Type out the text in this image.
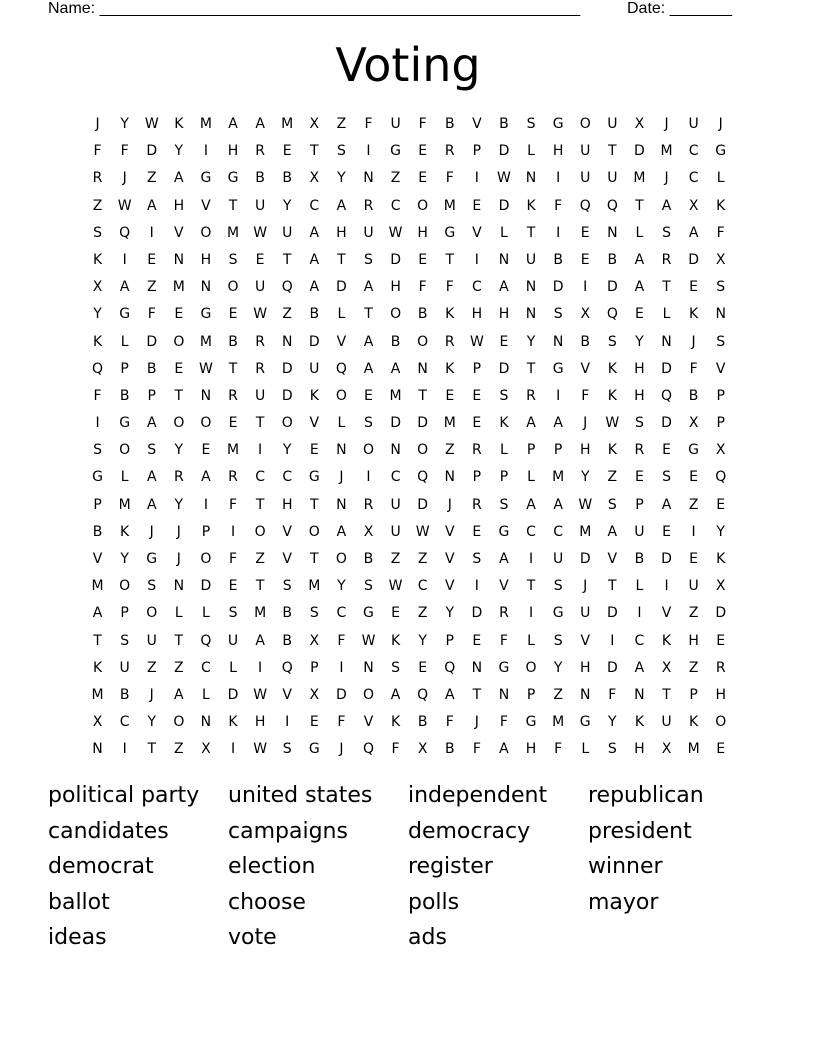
Name: ______________________________________________________	Date: _______
Voting
J	Y	W	K	M	A	A	M	X	Z	F	U	F	B	V	B	S	G	O	U	X	J	U	J
F	F	D	Y	I	H	R	E	T	S	I	G	E	R	P	D	L	H	U	T	D	M	C	G
R	J	Z	A	G	G	B	B	X	Y	N	Z	E	F	I	W	N	I	U	U	M	J	C	L
Z	W	A	H	V	T	U	Y	C	A	R	C	O	M	E	D	K	F	Q	Q	T	A	X	K
S	Q	I	V	O	M	W	U	A	H	U	W	H	G	V	L	T	I	E	N	L	S	A	F
K	I	E	N	H	S	E	T	A	T	S	D	E	T	I	N	U	B	E	B	A	R	D	X
X	A	Z	M	N	O	U	Q	A	D	A	H	F	F	C	A	N	D	I	D	A	T	E	S
Y	G	F	E	G	E	W	Z	B	L	T	O	B	K	H	H	N	S	X	Q	E	L	K	N
K	L	D	O	M	B	R	N	D	V	A	B	O	R	W	E	Y	N	B	S	Y	N	J	S
Q	P	B	E	W	T	R	D	U	Q	A	A	N	K	P	D	T	G	V	K	H	D	F	V
F	B	P	T	N	R	U	D	K	O	E	M	T	E	E	S	R	I	F	K	H	Q	B	P
I	G	A	O	O	E	T	O	V	L	S	D	D	M	E	K	A	A	J	W	S	D	X	P
S	O	S	Y	E	M	I	Y	E	N	O	N	O	Z	R	L	P	P	H	K	R	E	G	X
G	L	A	R	A	R	C	C	G	J	I	C	Q	N	P	P	L	M	Y	Z	E	S	E	Q
P	M	A	Y	I	F	T	H	T	N	R	U	D	J	R	S	A	A	W	S	P	A	Z	E
B	K	J	J	P	I	O	V	O	A	X	U	W	V	E	G	C	C	M	A	U	E	I	Y
V	Y	G	J	O	F	Z	V	T	O	B	Z	Z	V	S	A	I	U	D	V	B	D	E	K
M	O	S	N	D	E	T	S	M	Y	S	W	C	V	I	V	T	S	J	T	L	I	U	X
A	P	O	L	L	S	M	B	S	C	G	E	Z	Y	D	R	I	G	U	D	I	V	Z	D
T	S	U	T	Q	U	A	B	X	F	W	K	Y	P	E	F	L	S	V	I	C	K	H	E
K	U	Z	Z	C	L	I	Q	P	I	N	S	E	Q	N	G	O	Y	H	D	A	X	Z	R
M	B	J	A	L	D	W	V	X	D	O	A	Q	A	T	N	P	Z	N	F	N	T	P	H
X	C	Y	O	N	K	H	I	E	F	V	K	B	F	J	F	G	M	G	Y	K	U	K	O
N	I	T	Z	X	I	W	S	G	J	Q	F	X	B	F	A	H	F	L	S	H	X	M	E
political party	united states	independent	republican
candidates	campaigns	democracy	president
democrat	election	register	winner
ballot	choose	polls	mayor
ideas	vote	ads
